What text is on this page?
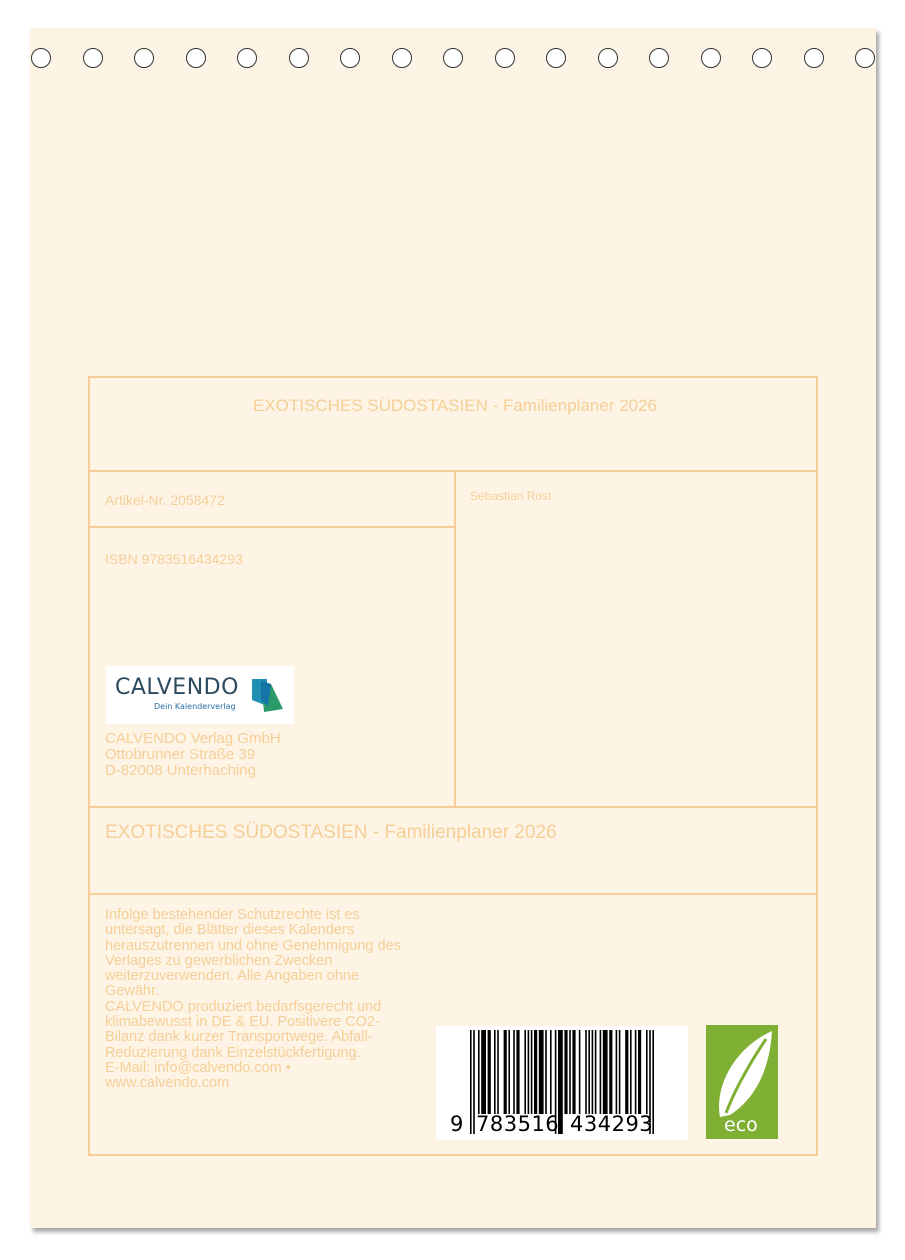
EXOTISCHES SÜDOSTASIEN - Familienplaner 2026
Artikel-Nr. 2058472	Sebastian Rost
ISBN 9783516434293
CALVENDO
Dein Kalenderverlag
CALVENDO Verlag GmbH
Ottobrunner Straße 39
D-82008 Unterhaching
EXOTISCHES SÜDOSTASIEN - Familienplaner 2026
Infolge bestehender Schutzrechte ist es
untersagt, die Blätter dieses Kalenders
herauszutrennen und ohne Genehmigung des
Verlages zu gewerblichen Zwecken
weiterzuverwenden. Alle Angaben ohne
Gewähr.
CALVENDO produziert bedarfsgerecht und
klimabewusst in DE & EU. Positivere CO2-
Bilanz dank kurzer Transportwege. Abfall-
Reduzierung dank Einzelstückfertigung.
E-Mail: info@calvendo.com •
www.calvendo.com
9 783516 434293	eco
